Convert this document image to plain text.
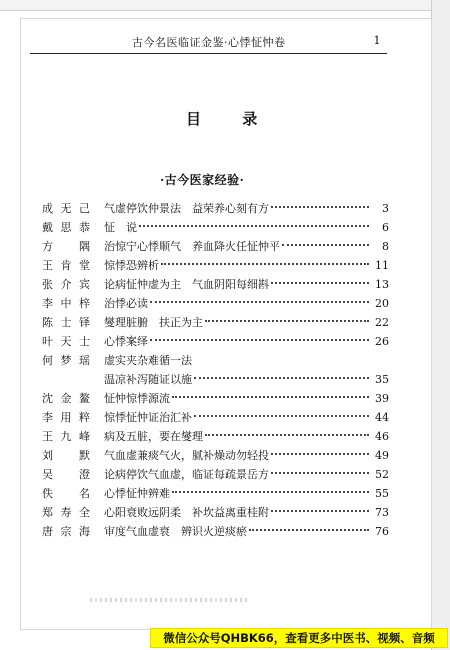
古今名医临证金鉴·心悸怔忡卷	1
目 录
·古今医家经验·
成无己 气虚停饮仲景法　益荣养心刻有方	3
戴思恭 怔　说	6
方　隅 治惊宁心悸顺气　养血降火任怔忡平	8
王肯堂 惊悸恐辨析	11
张介宾 论病怔忡虚为主　气血阴阳每细斟	13
李中梓 治悸必读	20
陈士铎 燮理脏腑　扶正为主	22
叶天士 心悸案绎	26
何梦瑶 虚实夹杂难循一法
温凉补泻随证以施	35
沈金鳌 怔忡惊悸源流	39
李用粹 惊悸怔忡证治汇补	44
王九峰 病及五脏，要在燮理	46
刘　默 气血虚兼痰气火，腻补燥动勿轻投	49
吴　澄 论病停饮气血虚，临证每疏景岳方	52
佚　名 心悸怔忡辨难	55
郑寿全 心阳衰败远阴柔　补坎益离重桂附	73
唐宗海 审度气血虚衰　辨识火逆痰瘀	76
微信公众号QHBK66，查看更多中医书、视频、音频
